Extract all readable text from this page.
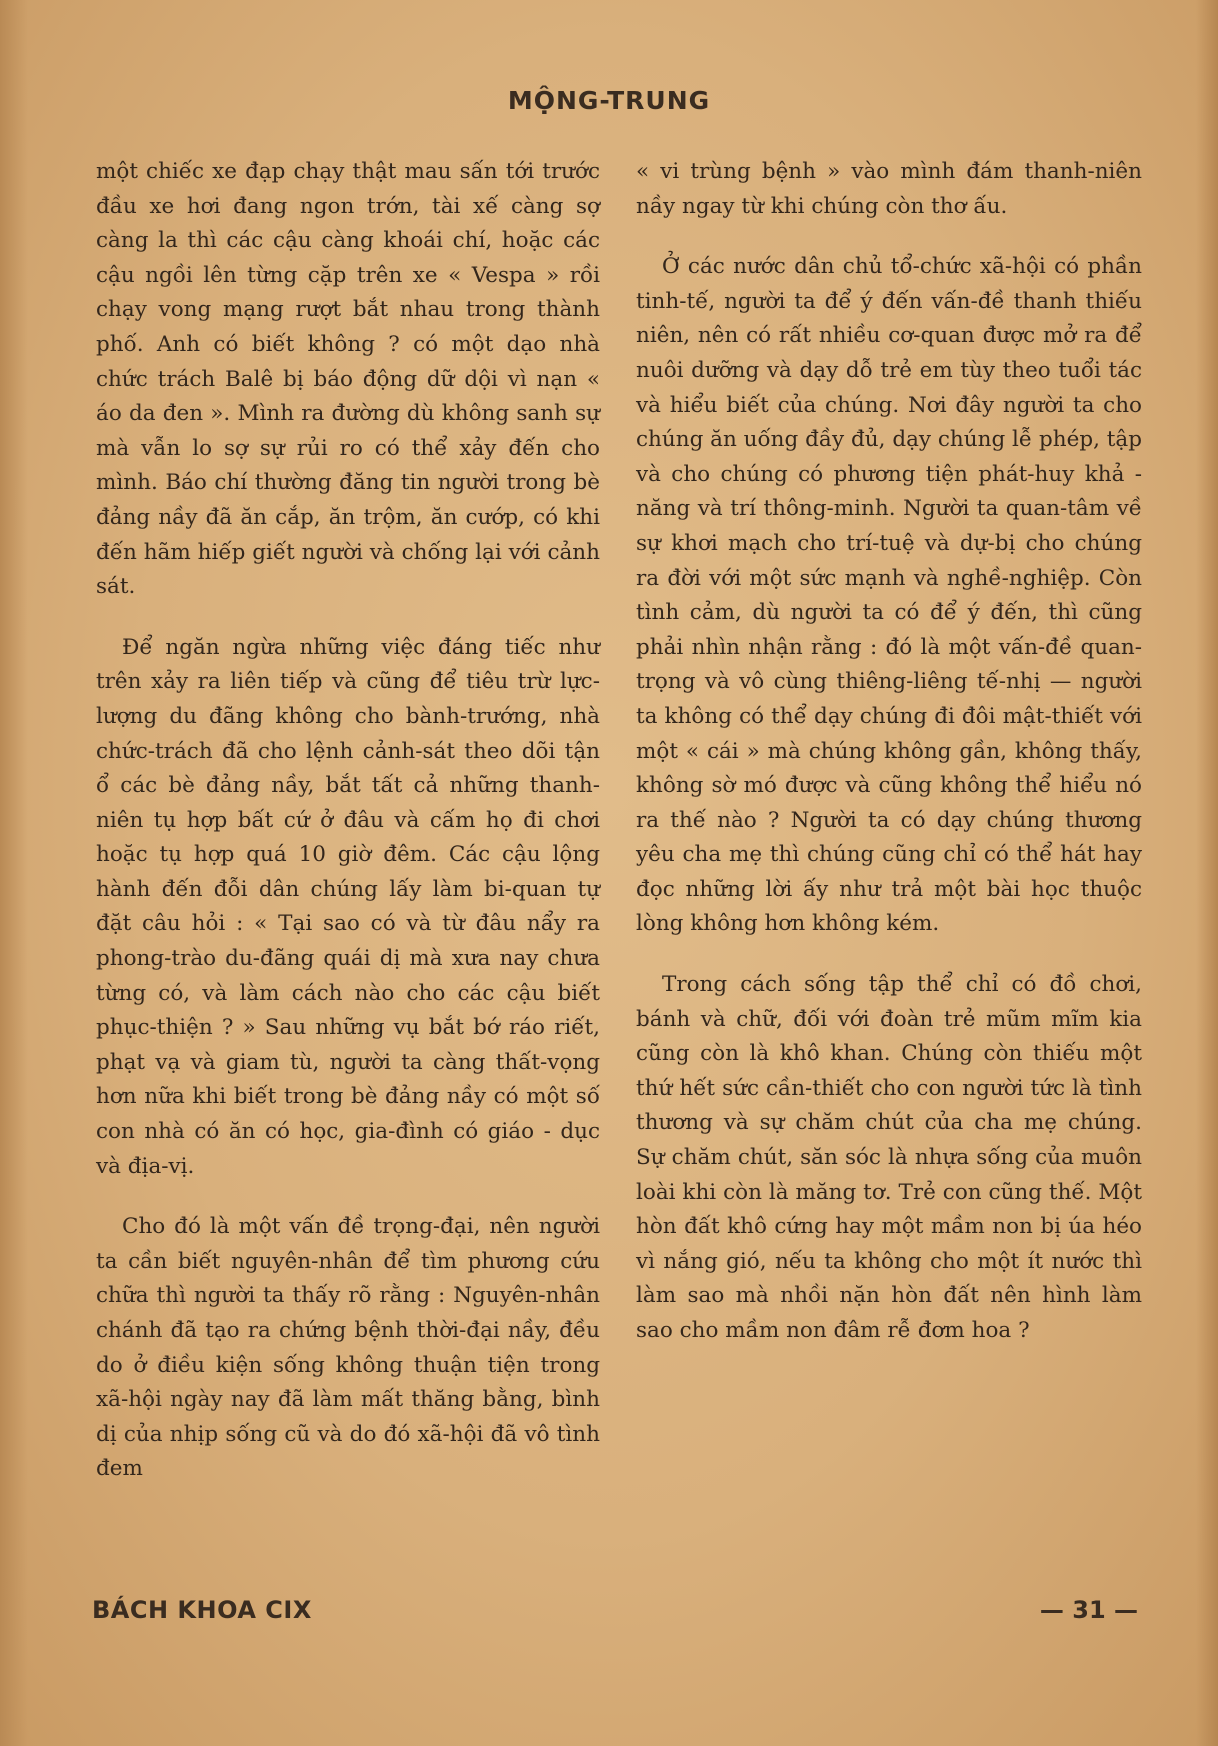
MỘNG-TRUNG

một chiếc xe đạp chạy thật mau sấn tới trước đầu xe hơi đang ngon trớn, tài xế càng sợ càng la thì các cậu càng khoái chí, hoặc các cậu ngồi lên từng cặp trên xe « Vespa » rồi chạy vong mạng rượt bắt nhau trong thành phố. Anh có biết không ? có một dạo nhà chức trách Balê bị báo động dữ dội vì nạn « áo da đen ». Mình ra đường dù không sanh sự mà vẫn lo sợ sự rủi ro có thể xảy đến cho mình. Báo chí thường đăng tin người trong bè đảng nầy đã ăn cắp, ăn trộm, ăn cướp, có khi đến hãm hiếp giết người và chống lại với cảnh sát.

Để ngăn ngừa những việc đáng tiếc như trên xảy ra liên tiếp và cũng để tiêu trừ lực-lượng du đãng không cho bành-trướng, nhà chức-trách đã cho lệnh cảnh-sát theo dõi tận ổ các bè đảng nầy, bắt tất cả những thanh-niên tụ hợp bất cứ ở đâu và cấm họ đi chơi hoặc tụ hợp quá 10 giờ đêm. Các cậu lộng hành đến đỗi dân chúng lấy làm bi-quan tự đặt câu hỏi : « Tại sao có và từ đâu nẩy ra phong-trào du-đãng quái dị mà xưa nay chưa từng có, và làm cách nào cho các cậu biết phục-thiện ? » Sau những vụ bắt bớ ráo riết, phạt vạ và giam tù, người ta càng thất-vọng hơn nữa khi biết trong bè đảng nầy có một số con nhà có ăn có học, gia-đình có giáo - dục và địa-vị.

Cho đó là một vấn đề trọng-đại, nên người ta cần biết nguyên-nhân để tìm phương cứu chữa thì người ta thấy rõ rằng : Nguyên-nhân chánh đã tạo ra chứng bệnh thời-đại nầy, đều do ở điều kiện sống không thuận tiện trong xã-hội ngày nay đã làm mất thăng bằng, bình dị của nhịp sống cũ và do đó xã-hội đã vô tình đem

« vi trùng bệnh » vào mình đám thanh-niên nầy ngay từ khi chúng còn thơ ấu.

Ở các nước dân chủ tổ-chức xã-hội có phần tinh-tế, người ta để ý đến vấn-đề thanh thiếu niên, nên có rất nhiều cơ-quan được mở ra để nuôi dưỡng và dạy dỗ trẻ em tùy theo tuổi tác và hiểu biết của chúng. Nơi đây người ta cho chúng ăn uống đầy đủ, dạy chúng lễ phép, tập và cho chúng có phương tiện phát-huy khả - năng và trí thông-minh. Người ta quan-tâm về sự khơi mạch cho trí-tuệ và dự-bị cho chúng ra đời với một sức mạnh và nghề-nghiệp. Còn tình cảm, dù người ta có để ý đến, thì cũng phải nhìn nhận rằng : đó là một vấn-đề quan-trọng và vô cùng thiêng-liêng tế-nhị — người ta không có thể dạy chúng đi đôi mật-thiết với một « cái » mà chúng không gần, không thấy, không sờ mó được và cũng không thể hiểu nó ra thế nào ? Người ta có dạy chúng thương yêu cha mẹ thì chúng cũng chỉ có thể hát hay đọc những lời ấy như trả một bài học thuộc lòng không hơn không kém.

Trong cách sống tập thể chỉ có đồ chơi, bánh và chữ, đối với đoàn trẻ mũm mĩm kia cũng còn là khô khan. Chúng còn thiếu một thứ hết sức cần-thiết cho con người tức là tình thương và sự chăm chút của cha mẹ chúng. Sự chăm chút, săn sóc là nhựa sống của muôn loài khi còn là măng tơ. Trẻ con cũng thế. Một hòn đất khô cứng hay một mầm non bị úa héo vì nắng gió, nếu ta không cho một ít nước thì làm sao mà nhồi nặn hòn đất nên hình làm sao cho mầm non đâm rễ đơm hoa ?

BÁCH KHOA CIX	— 31 —
